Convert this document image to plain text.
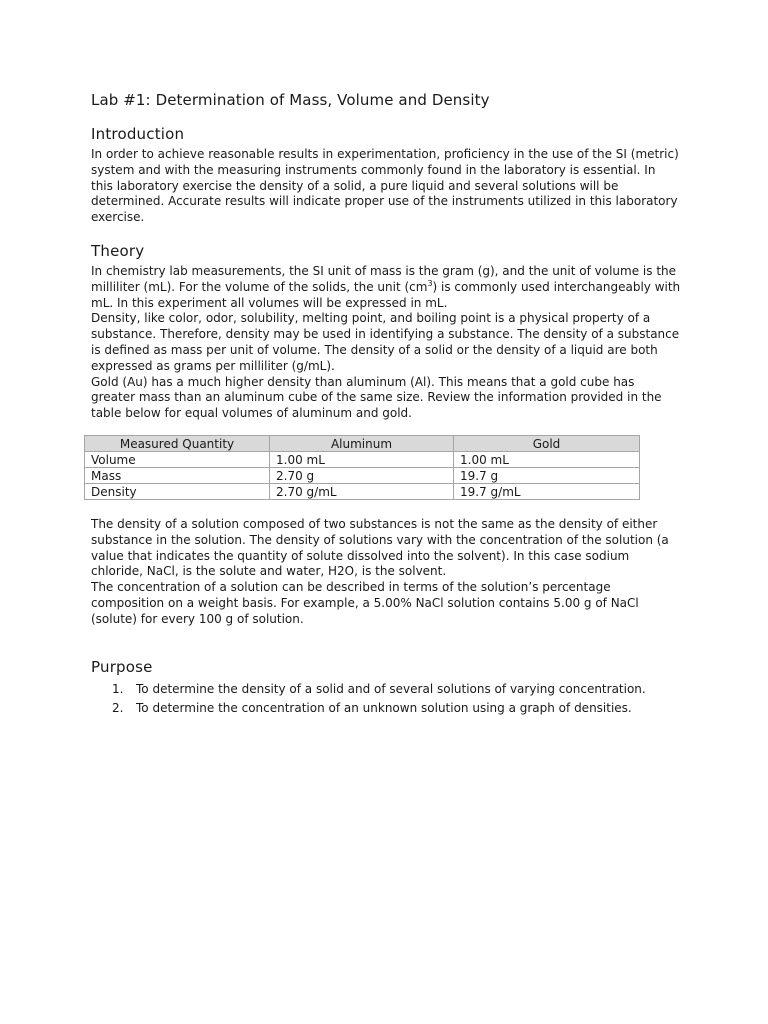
Lab #1: Determination of Mass, Volume and Density
Introduction

In order to achieve reasonable results in experimentation, proficiency in the use of the SI (metric) system and with the measuring instruments commonly found in the laboratory is essential. In this laboratory exercise the density of a solid, a pure liquid and several solutions will be determined. Accurate results will indicate proper use of the instruments utilized in this laboratory exercise.

Theory

In chemistry lab measurements, the SI unit of mass is the gram (g), and the unit of volume is the milliliter (mL). For the volume of the solids, the unit $(cm^3)$ is commonly used interchangeably with mL. In this experiment all volumes will be expressed in mL.

Density, like color, odor, solubility, melting point, and boiling point is a physical property of a substance. Therefore, density may be used in identifying a substance. The density of a substance is defined as mass per unit of volume. The density of a solid or the density of a liquid are both expressed as grams per milliliter (g/mL).

Gold (Au) has a much higher density than aluminum (Al). This means that a gold cube has greater mass than an aluminum cube of the same size. Review the information provided in the table below for equal volumes of aluminum and gold.

The density of a solution composed of two substances is not the same as the density of either substance in the solution. The density of solutions vary with the concentration of the solution (a value that indicates the quantity of solute dissolved into the solvent). In this case sodium chloride, NaCl, is the solute and water, H2O, is the solvent.

The concentration of a solution can be described in terms of the solution’s percentage composition on a weight basis. For example, a 5.00% NaCl solution contains 5.00 g of NaCl (solute) for every 100 g of solution.

Purpose
1. To determine the density of a solid and of several solutions of varying concentration.
2. To determine the concentration of an unknown solution using a graph of densities.
Measured Quantity	Aluminum	Gold
Volume	1.00 mL	1.00 mL
Mass	2.70 g	19.7 g
Density	2.70 g/mL	19.7 g/mL
